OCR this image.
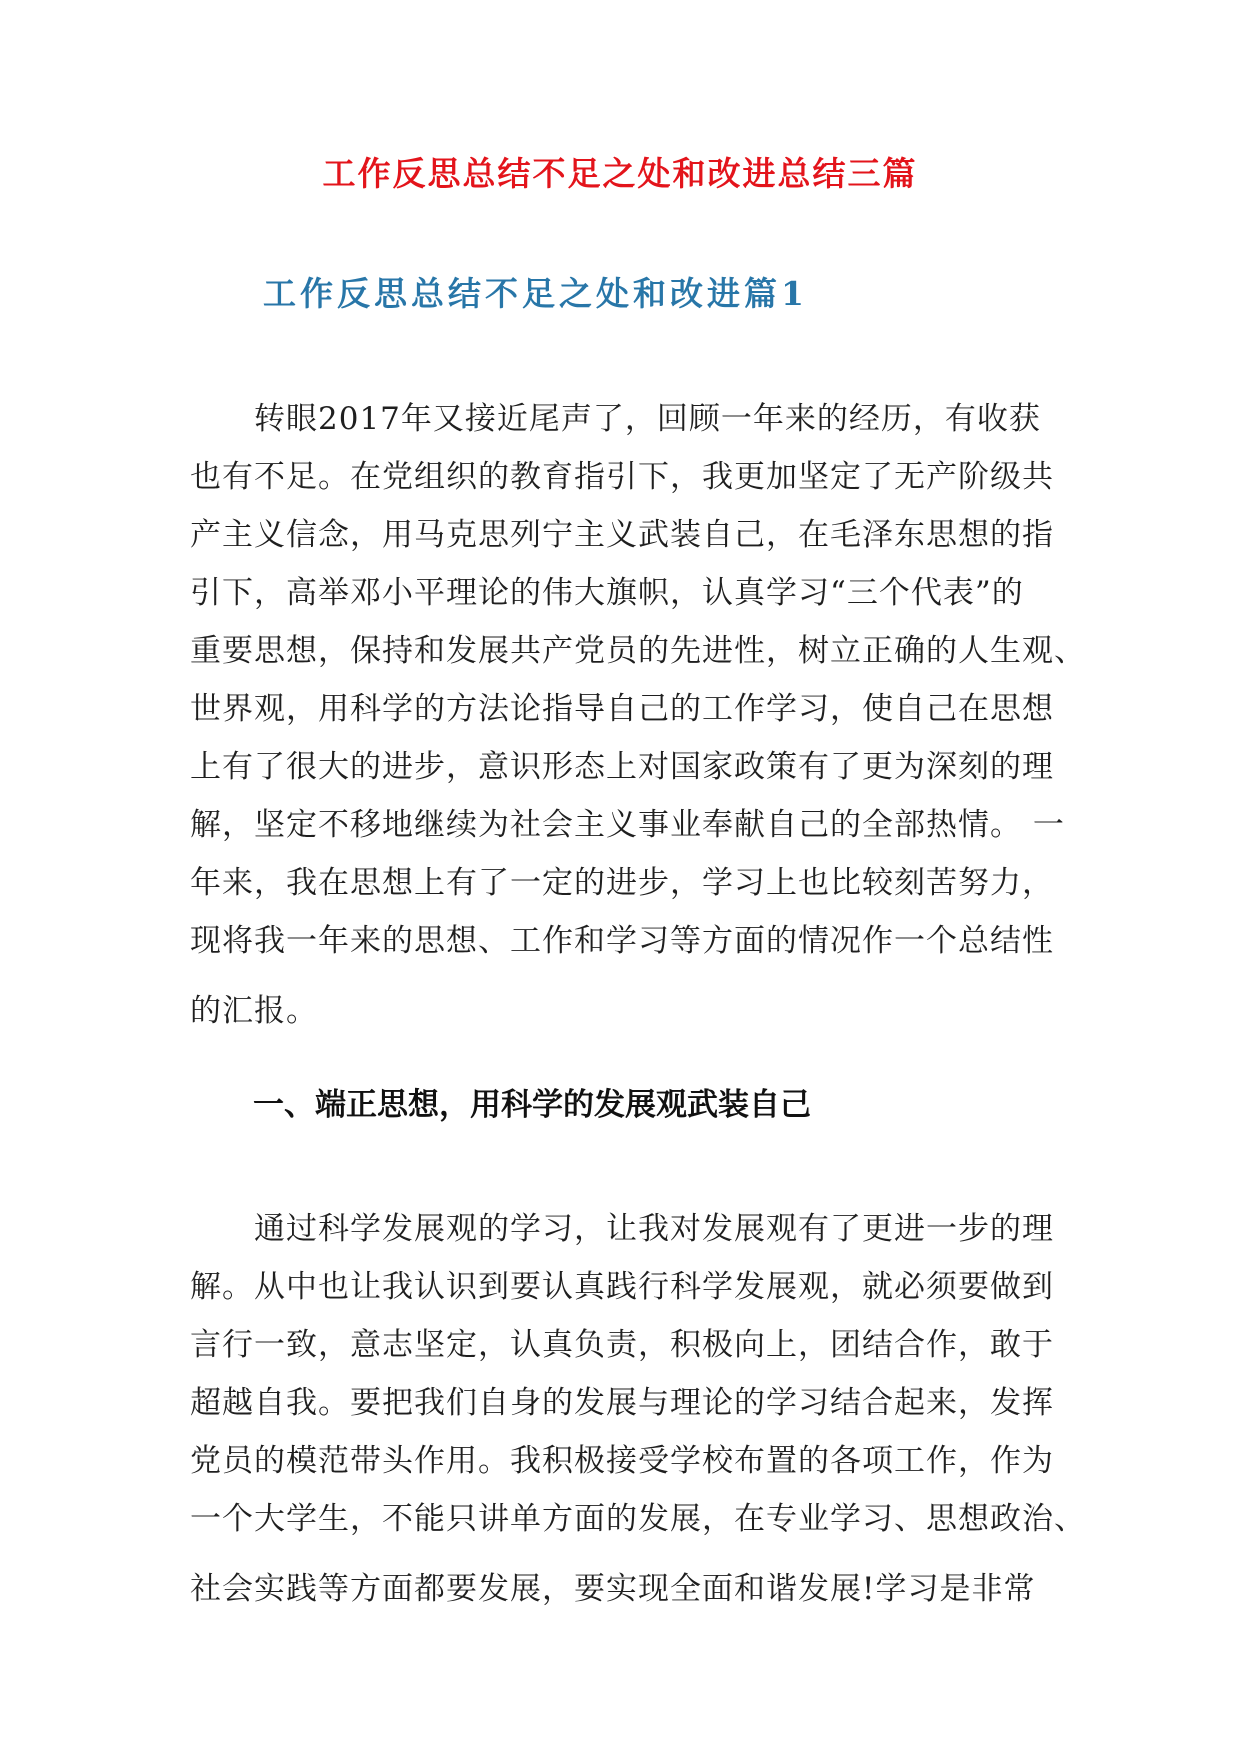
工作反思总结不足之处和改进总结三篇
工作反思总结不足之处和改进篇1
转眼2017年又接近尾声了，回顾一年来的经历，有收获
也有不足。在党组织的教育指引下，我更加坚定了无产阶级共
产主义信念，用马克思列宁主义武装自己，在毛泽东思想的指
引下，高举邓小平理论的伟大旗帜，认真学习“三个代表”的
重要思想，保持和发展共产党员的先进性，树立正确的人生观、
世界观，用科学的方法论指导自己的工作学习，使自己在思想
上有了很大的进步，意识形态上对国家政策有了更为深刻的理
解，坚定不移地继续为社会主义事业奉献自己的全部热情。 一
年来，我在思想上有了一定的进步，学习上也比较刻苦努力，
现将我一年来的思想、工作和学习等方面的情况作一个总结性
的汇报。
一、端正思想，用科学的发展观武装自己
通过科学发展观的学习，让我对发展观有了更进一步的理
解。从中也让我认识到要认真践行科学发展观，就必须要做到
言行一致，意志坚定，认真负责，积极向上，团结合作，敢于
超越自我。要把我们自身的发展与理论的学习结合起来，发挥
党员的模范带头作用。我积极接受学校布置的各项工作，作为
一个大学生，不能只讲单方面的发展，在专业学习、思想政治、
社会实践等方面都要发展，要实现全面和谐发展!学习是非常
